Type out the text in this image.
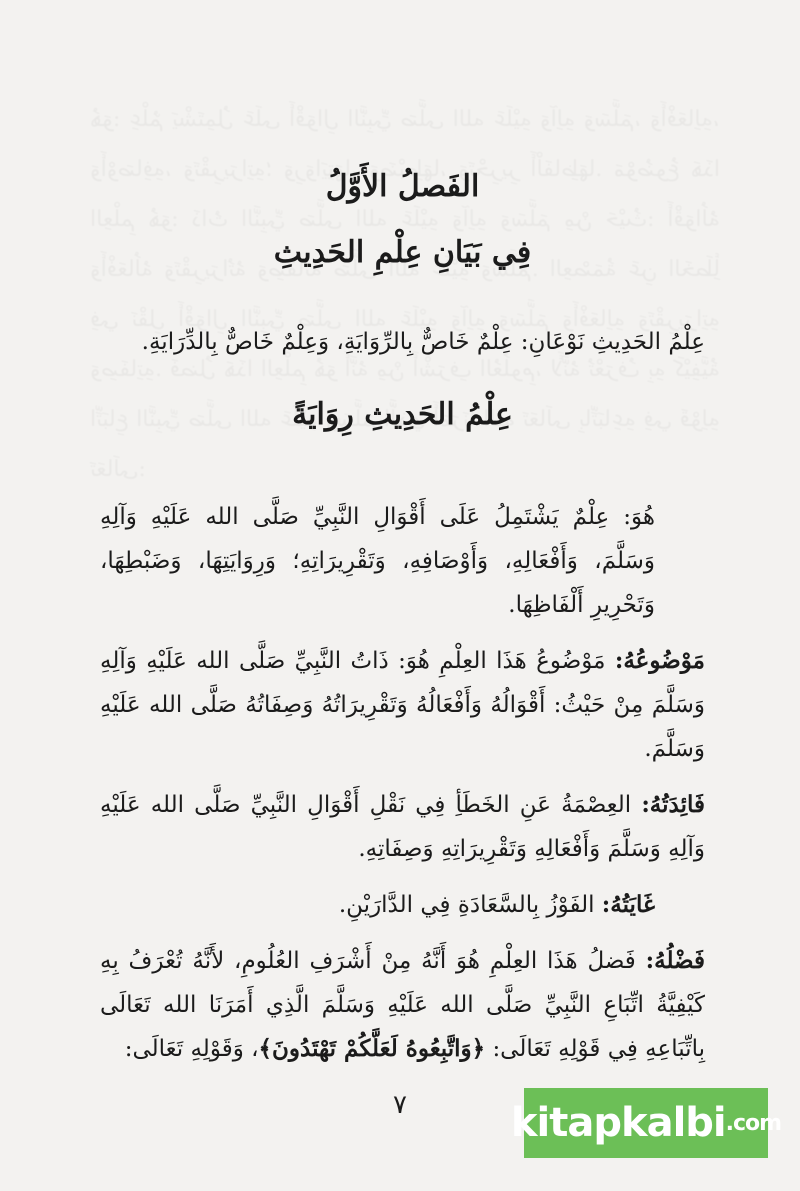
الفَصلُ الأَوَّلُ
فِي بَيَانِ عِلْمِ الحَدِيثِ

عِلْمُ الحَدِيثِ نَوْعَانِ: عِلْمٌ خَاصٌّ بِالرِّوَايَةِ، وَعِلْمٌ خَاصٌّ بِالدِّرَايَةِ.

عِلْمُ الحَدِيثِ رِوَايَةً

هُوَ: عِلْمٌ يَشْتَمِلُ عَلَى أَقْوَالِ النَّبِيِّ صَلَّى الله عَلَيْهِ وَآلِهِ وَسَلَّمَ، وَأَفْعَالِهِ، وَأَوْصَافِهِ، وَتَقْرِيرَاتِهِ؛ وَرِوَايَتِهَا، وَضَبْطِهَا، وَتَحْرِيرِ أَلْفَاظِهَا.

مَوْضُوعُهُ: مَوْضُوعُ هَذَا العِلْمِ هُوَ: ذَاتُ النَّبِيِّ صَلَّى الله عَلَيْهِ وَآلِهِ وَسَلَّمَ مِنْ حَيْثُ: أَقْوَالُهُ وَأَفْعَالُهُ وَتَقْرِيرَاتُهُ وَصِفَاتُهُ صَلَّى الله عَلَيْهِ وَسَلَّمَ.

فَائِدَتُهُ: العِصْمَةُ عَنِ الخَطَأِ فِي نَقْلِ أَقْوَالِ النَّبِيِّ صَلَّى الله عَلَيْهِ وَآلِهِ وَسَلَّمَ وَأَفْعَالِهِ وَتَقْرِيرَاتِهِ وَصِفَاتِهِ.

غَايَتُهُ: الفَوْزُ بِالسَّعَادَةِ فِي الدَّارَيْنِ.

فَضْلُهُ: فَضلُ هَذَا العِلْمِ هُوَ أَنَّهُ مِنْ أَشْرَفِ العُلُومِ، لأَنَّهُ تُعْرَفُ بِهِ كَيْفِيَّةُ اتِّبَاعِ النَّبِيِّ صَلَّى الله عَلَيْهِ وَسَلَّمَ الَّذِي أَمَرَنَا الله تَعَالَى بِاتِّبَاعِهِ فِي قَوْلِهِ تَعَالَى: ﴿وَاتَّبِعُوهُ لَعَلَّكُمْ تَهْتَدُونَ﴾، وَقَوْلِهِ تَعَالَى:

٧	kitapkalbi .com
